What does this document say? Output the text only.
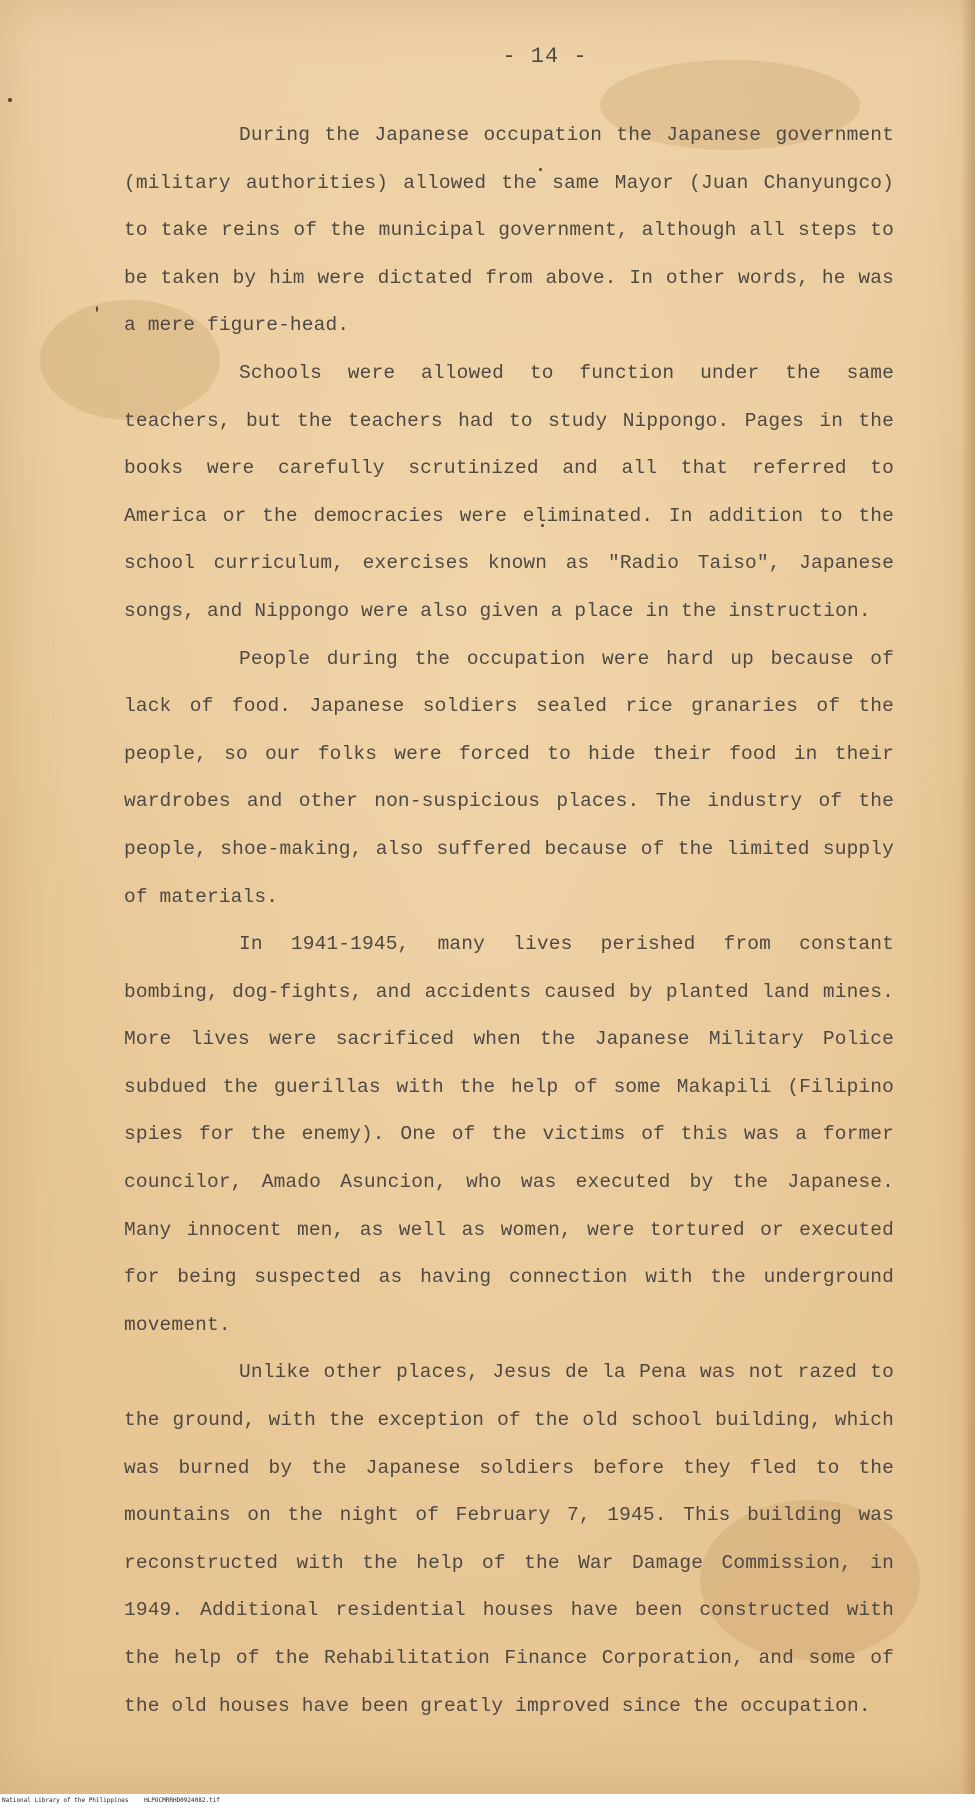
- 14 -

During the Japanese occupation the Japanese government (military authorities) allowed the same Mayor (Juan Chanyungco) to take reins of the municipal government, although all steps to be taken by him were dictated from above. In other words, he was a mere figure-head.

Schools were allowed to function under the same teachers, but the teachers had to study Nippongo. Pages in the books were carefully scrutinized and all that referred to America or the democracies were eliminated. In addition to the school curriculum, exercises known as "Radio Taiso", Japanese songs, and Nippongo were also given a place in the instruction.

People during the occupation were hard up because of lack of food. Japanese soldiers sealed rice granaries of the people, so our folks were forced to hide their food in their wardrobes and other non-suspicious places. The industry of the people, shoe-making, also suffered because of the limited supply of materials.

In 1941-1945, many lives perished from constant bombing, dog-fights, and accidents caused by planted land mines. More lives were sacrificed when the Japanese Military Police subdued the guerillas with the help of some Makapili (Filipino spies for the enemy). One of the victims of this was a former councilor, Amado Asuncion, who was executed by the Japanese. Many innocent men, as well as women, were tortured or executed for being suspected as having connection with the underground movement.

Unlike other places, Jesus de la Pena was not razed to the ground, with the exception of the old school building, which was burned by the Japanese soldiers before they fled to the mountains on the night of February 7, 1945. This building was reconstructed with the help of the War Damage Commission, in 1949. Additional residential houses have been constructed with the help of the Rehabilitation Finance Corporation, and some of the old houses have been greatly improved since the occupation.

National Library of the Philippines	HLPOCMRRHD0924082.tif
